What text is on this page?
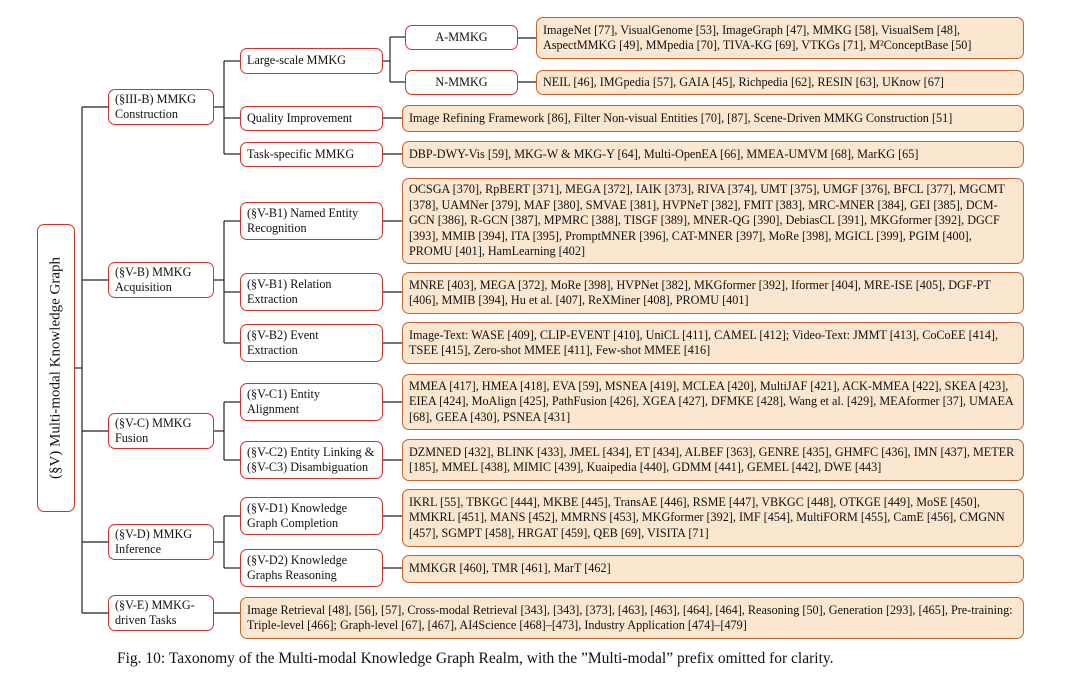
(§V) Multi-modal Knowledge Graph
(§III-B) MMKG
Construction
(§V-B) MMKG
Acquisition
(§V-C) MMKG
Fusion
(§V-D) MMKG
Inference
(§V-E) MMKG-
driven Tasks
Large-scale MMKG
Quality Improvement
Task-specific MMKG
(§V-B1) Named Entity
Recognition
(§V-B1) Relation
Extraction
(§V-B2) Event
Extraction
(§V-C1) Entity
Alignment
(§V-C2) Entity Linking &
(§V-C3) Disambiguation
(§V-D1) Knowledge
Graph Completion
(§V-D2) Knowledge
Graphs Reasoning
A-MMKG
N-MMKG
ImageNet [77], VisualGenome [53], ImageGraph [47], MMKG [58], VisualSem [48], AspectMMKG [49], MMpedia [70], TIVA-KG [69], VTKGs [71], M²ConceptBase [50]
NEIL [46], IMGpedia [57], GAIA [45], Richpedia [62], RESIN [63], UKnow [67]
Image Refining Framework [86], Filter Non-visual Entities [70], [87], Scene-Driven MMKG Construction [51]
DBP-DWY-Vis [59], MKG-W & MKG-Y [64], Multi-OpenEA [66], MMEA-UMVM [68], MarKG [65]
OCSGA [370], RpBERT [371], MEGA [372], IAIK [373], RIVA [374], UMT [375], UMGF [376], BFCL [377], MGCMT [378], UAMNer [379], MAF [380], SMVAE [381], HVPNeT [382], FMIT [383], MRC-MNER [384], GEI [385], DCM-GCN [386], R-GCN [387], MPMRC [388], TISGF [389], MNER-QG [390], DebiasCL [391], MKGformer [392], DGCF [393], MMIB [394], ITA [395], PromptMNER [396], CAT-MNER [397], MoRe [398], MGICL [399], PGIM [400], PROMU [401], HamLearning [402]
MNRE [403], MEGA [372], MoRe [398], HVPNet [382], MKGformer [392], Iformer [404], MRE-ISE [405], DGF-PT [406], MMIB [394], Hu et al. [407], ReXMiner [408], PROMU [401]
Image-Text: WASE [409], CLIP-EVENT [410], UniCL [411], CAMEL [412]; Video-Text: JMMT [413], CoCoEE [414], TSEE [415], Zero-shot MMEE [411], Few-shot MMEE [416]
MMEA [417], HMEA [418], EVA [59], MSNEA [419], MCLEA [420], MultiJAF [421], ACK-MMEA [422], SKEA [423], EIEA [424], MoAlign [425], PathFusion [426], XGEA [427], DFMKE [428], Wang et al. [429], MEAformer [37], UMAEA [68], GEEA [430], PSNEA [431]
DZMNED [432], BLINK [433], JMEL [434], ET [434], ALBEF [363], GENRE [435], GHMFC [436], IMN [437], METER [185], MMEL [438], MIMIC [439], Kuaipedia [440], GDMM [441], GEMEL [442], DWE [443]
IKRL [55], TBKGC [444], MKBE [445], TransAE [446], RSME [447], VBKGC [448], OTKGE [449], MoSE [450], MMKRL [451], MANS [452], MMRNS [453], MKGformer [392], IMF [454], MultiFORM [455], CamE [456], CMGNN [457], SGMPT [458], HRGAT [459], QEB [69], VISITA [71]
MMKGR [460], TMR [461], MarT [462]
Image Retrieval [48], [56], [57], Cross-modal Retrieval [343], [343], [373], [463], [463], [464], [464], Reasoning [50], Generation [293], [465], Pre-training: Triple-level [466]; Graph-level [67], [467], AI4Science [468]–[473], Industry Application [474]–[479]
Fig. 10: Taxonomy of the Multi-modal Knowledge Graph Realm, with the ”Multi-modal” prefix omitted for clarity.
